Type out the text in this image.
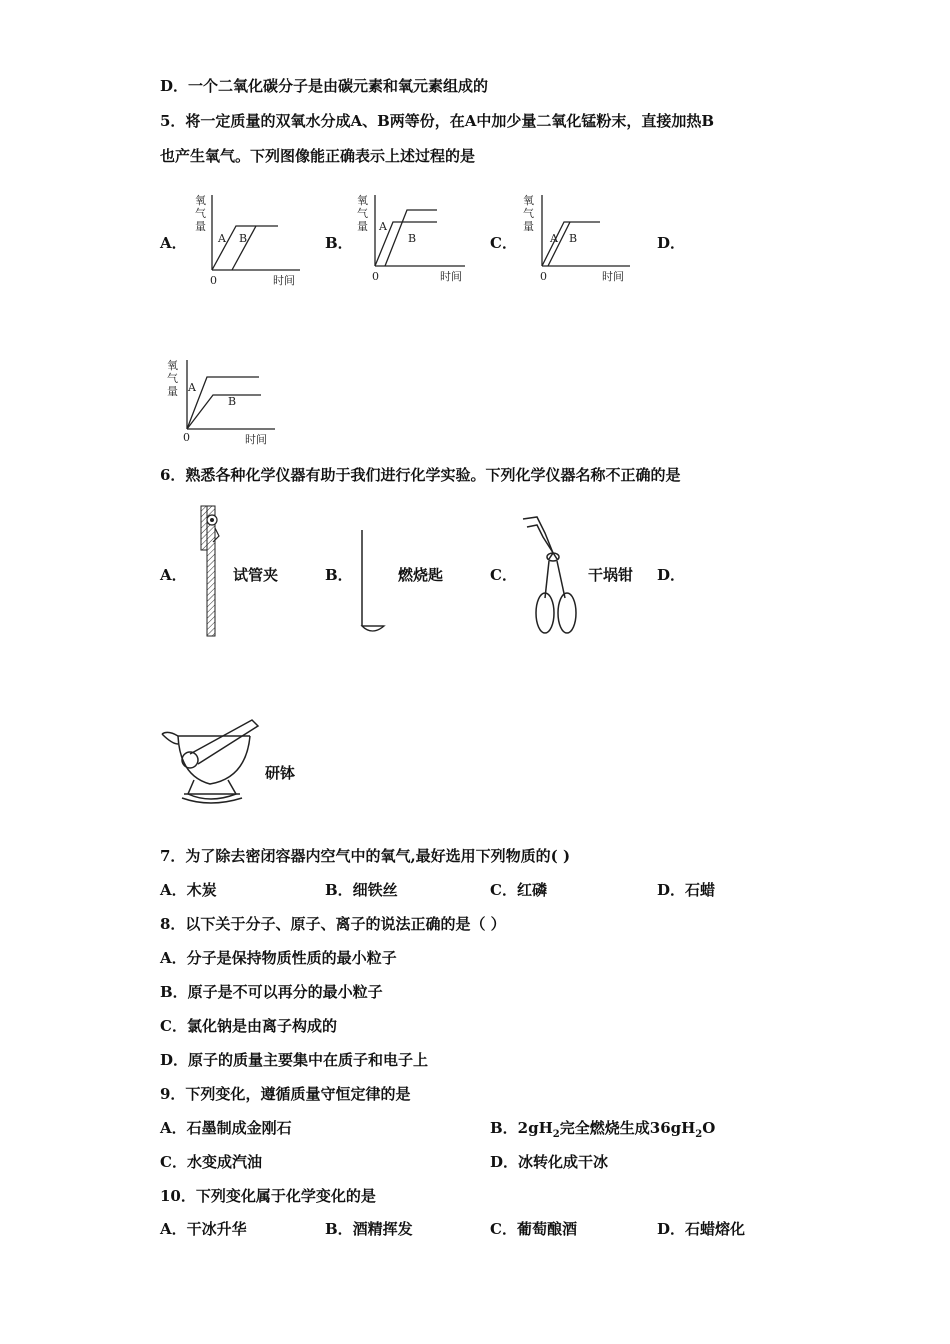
D．一个二氧化碳分子是由碳元素和氧元素组成的
5．将一定质量的双氧水分成A、B两等份，在A中加少量二氧化锰粉末，直接加热B
也产生氧气。下列图像能正确表示上述过程的是
A．	B．	C．	D．
氧
气
量
0	时间
A B
氧
气
量
0	时间
A
B
氧
气
量
0	时间
A B
氧
气
量
0	时间
A
B
6．熟悉各种化学仪器有助于我们进行化学实验。下列化学仪器名称不正确的是
A．	B．	C．	D．
试管夹	燃烧匙	干埚钳
研钵
7．为了除去密闭容器内空气中的氧气,最好选用下列物质的( )
A．木炭	B．细铁丝	C．红磷	D．石蜡
8．以下关于分子、原子、离子的说法正确的是（ ）
A．分子是保持物质性质的最小粒子
B．原子是不可以再分的最小粒子
C．氯化钠是由离子构成的
D．原子的质量主要集中在质子和电子上
9．下列变化，遵循质量守恒定律的是
A．石墨制成金刚石	B．$2gH_2$完全燃烧生成$36gH_2O$
C．水变成汽油	D．冰转化成干冰
10．下列变化属于化学变化的是
A．干冰升华	B．酒精挥发	C．葡萄酿酒	D．石蜡熔化
